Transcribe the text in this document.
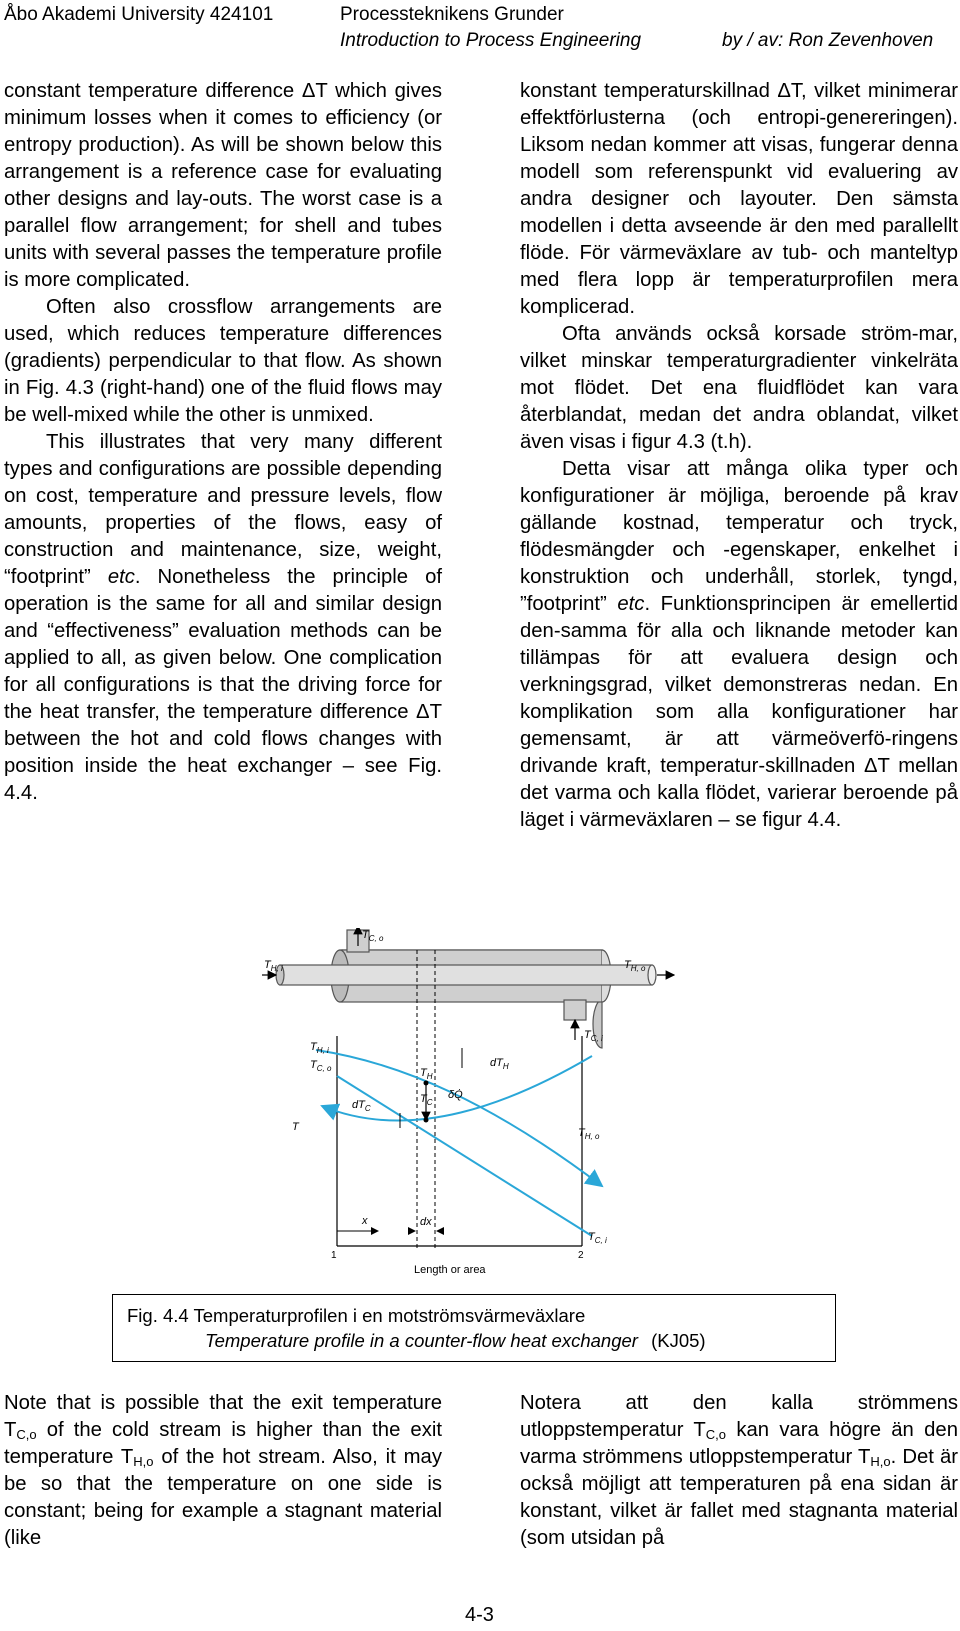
Åbo Akademi University 424101	Processteknikens Grunder
Introduction to Process Engineering	by / av: Ron Zevenhoven

constant temperature difference ΔT which gives minimum losses when it comes to efficiency (or entropy production). As will be shown below this arrangement is a reference case for evaluating other designs and lay-outs. The worst case is a parallel flow arrangement; for shell and tubes units with several passes the temperature profile is more complicated.

Often also crossflow arrangements are used, which reduces temperature differences (gradients) perpendicular to that flow. As shown in Fig. 4.3 (right-hand) one of the fluid flows may be well-mixed while the other is unmixed.

This illustrates that very many different types and configurations are possible depending on cost, temperature and pressure levels, flow amounts, properties of the flows, easy of construction and maintenance, size, weight, “footprint” etc. Nonetheless the principle of operation is the same for all and similar design and “effectiveness” evaluation methods can be applied to all, as given below. One complication for all configurations is that the driving force for the heat transfer, the temperature difference ΔT between the hot and cold flows changes with position inside the heat exchanger – see Fig. 4.4.

konstant temperaturskillnad ΔT, vilket minimerar effektförlusterna (och entropi-genereringen). Liksom nedan kommer att visas, fungerar denna modell som referenspunkt vid evaluering av andra designer och layouter. Den sämsta modellen i detta avseende är den med parallellt flöde. För värmeväxlare av tub- och manteltyp med flera lopp är temperaturprofilen mera komplicerad.

Ofta används också korsade ström-mar, vilket minskar temperaturgradienter vinkelräta mot flödet. Det ena fluidflödet kan vara återblandat, medan det andra oblandat, vilket även visas i figur 4.3 (t.h).

Detta visar att många olika typer och konfigurationer är möjliga, beroende på krav gällande kostnad, temperatur och tryck, flödesmängder och -egenskaper, enkelhet i konstruktion och underhåll, storlek, tyngd, ”footprint” etc. Funktionsprincipen är emellertid den-samma för alla och liknande metoder kan tillämpas för att evaluera design och verkningsgrad, vilket demonstreras nedan. En komplikation som alla konfigurationer har gemensamt, är att värmeöverfö-ringens drivande kraft, temperatur-skillnaden ΔT mellan det varma och kalla flödet, varierar beroende på läget i värmeväxlaren – se figur 4.4.

$T_{C, o}$
$T_{H, i}$	$T_{H, o}$
$T_{C, i}$
$T_{H, i}$
$T_{C, o}$	$T_H$
$dT_H$
$T_C$
δQ̇
$dT_C$
T	$T_{H, o}$
x	dx
$T_{C, i}$
1	2
Length or area
Fig. 4.4 Temperaturprofilen i en motströmsvärmeväxlare
Temperature profile in a counter-flow heat exchanger (KJ05)

Note that is possible that the exit temperature $T_{C,o}$ of the cold stream is higher than the exit temperature $T_{H,o}$ of the hot stream. Also, it may be so that the temperature on one side is constant; being for example a stagnant material (like

Notera att den kalla strömmens utloppstemperatur $T_{C,o}$ kan vara högre än den varma strömmens utloppstemperatur $T_{H,o}$. Det är också möjligt att temperaturen på ena sidan är konstant, vilket är fallet med stagnanta material (som utsidan på

4-3
